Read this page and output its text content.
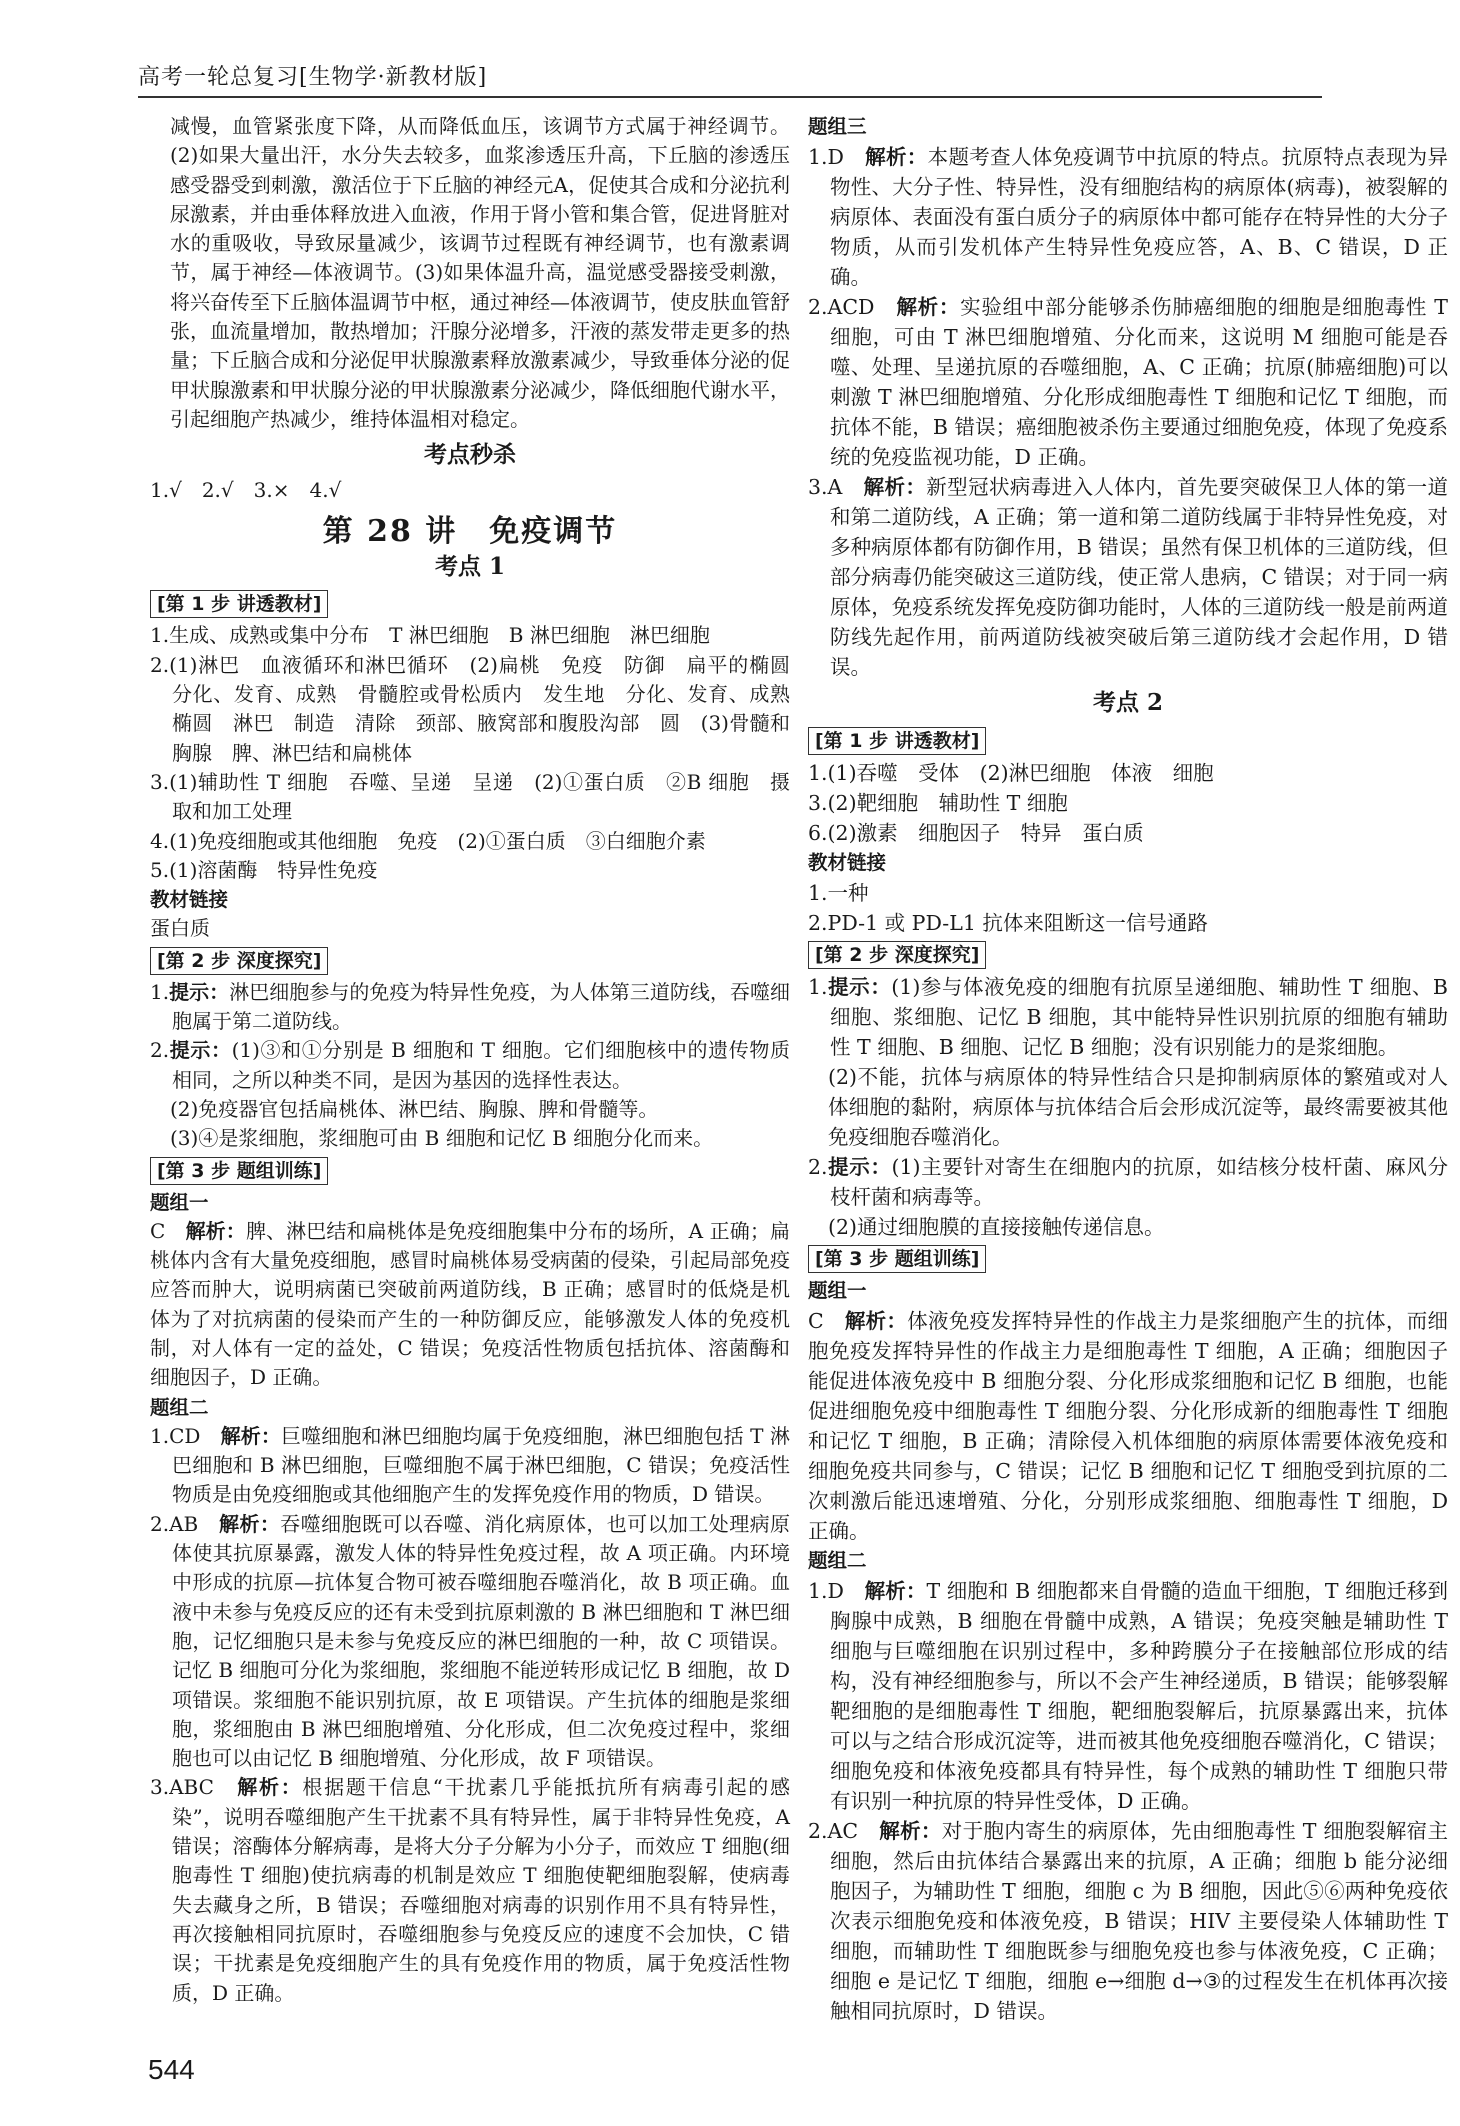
高考一轮总复习[生物学·新教材版]

减慢，血管紧张度下降，从而降低血压，该调节方式属于神经调节。(2)如果大量出汗，水分失去较多，血浆渗透压升高，下丘脑的渗透压感受器受到刺激，激活位于下丘脑的神经元A，促使其合成和分泌抗利尿激素，并由垂体释放进入血液，作用于肾小管和集合管，促进肾脏对水的重吸收，导致尿量减少，该调节过程既有神经调节，也有激素调节，属于神经—体液调节。(3)如果体温升高，温觉感受器接受刺激，将兴奋传至下丘脑体温调节中枢，通过神经—体液调节，使皮肤血管舒张，血流量增加，散热增加；汗腺分泌增多，汗液的蒸发带走更多的热量；下丘脑合成和分泌促甲状腺激素释放激素减少，导致垂体分泌的促甲状腺激素和甲状腺分泌的甲状腺激素分泌减少，降低细胞代谢水平，引起细胞产热减少，维持体温相对稳定。

考点秒杀

1.√　2.√　3.×　4.√

第 28 讲　免疫调节
考点 1
[第 1 步 讲透教材]

1.生成、成熟或集中分布　T 淋巴细胞　B 淋巴细胞　淋巴细胞

2.(1)淋巴　血液循环和淋巴循环　(2)扁桃　免疫　防御　扁平的椭圆　分化、发育、成熟　骨髓腔或骨松质内　发生地　分化、发育、成熟　椭圆　淋巴　制造　清除　颈部、腋窝部和腹股沟部　圆　(3)骨髓和胸腺　脾、淋巴结和扁桃体

3.(1)辅助性 T 细胞　吞噬、呈递　呈递　(2)①蛋白质　②B 细胞　摄取和加工处理

4.(1)免疫细胞或其他细胞　免疫　(2)①蛋白质　③白细胞介素

5.(1)溶菌酶　特异性免疫

教材链接

蛋白质

[第 2 步 深度探究]

1.提示：淋巴细胞参与的免疫为特异性免疫，为人体第三道防线，吞噬细胞属于第二道防线。

2.提示：(1)③和①分别是 B 细胞和 T 细胞。它们细胞核中的遗传物质相同，之所以种类不同，是因为基因的选择性表达。

(2)免疫器官包括扁桃体、淋巴结、胸腺、脾和骨髓等。

(3)④是浆细胞，浆细胞可由 B 细胞和记忆 B 细胞分化而来。

[第 3 步 题组训练]
题组一

C　解析：脾、淋巴结和扁桃体是免疫细胞集中分布的场所，A 正确；扁桃体内含有大量免疫细胞，感冒时扁桃体易受病菌的侵染，引起局部免疫应答而肿大，说明病菌已突破前两道防线，B 正确；感冒时的低烧是机体为了对抗病菌的侵染而产生的一种防御反应，能够激发人体的免疫机制，对人体有一定的益处，C 错误；免疫活性物质包括抗体、溶菌酶和细胞因子，D 正确。

题组二

1.CD　解析：巨噬细胞和淋巴细胞均属于免疫细胞，淋巴细胞包括 T 淋巴细胞和 B 淋巴细胞，巨噬细胞不属于淋巴细胞，C 错误；免疫活性物质是由免疫细胞或其他细胞产生的发挥免疫作用的物质，D 错误。

2.AB　解析：吞噬细胞既可以吞噬、消化病原体，也可以加工处理病原体使其抗原暴露，激发人体的特异性免疫过程，故 A 项正确。内环境中形成的抗原—抗体复合物可被吞噬细胞吞噬消化，故 B 项正确。血液中未参与免疫反应的还有未受到抗原刺激的 B 淋巴细胞和 T 淋巴细胞，记忆细胞只是未参与免疫反应的淋巴细胞的一种，故 C 项错误。记忆 B 细胞可分化为浆细胞，浆细胞不能逆转形成记忆 B 细胞，故 D 项错误。浆细胞不能识别抗原，故 E 项错误。产生抗体的细胞是浆细胞，浆细胞由 B 淋巴细胞增殖、分化形成，但二次免疫过程中，浆细胞也可以由记忆 B 细胞增殖、分化形成，故 F 项错误。

3.ABC　解析：根据题干信息“干扰素几乎能抵抗所有病毒引起的感染”，说明吞噬细胞产生干扰素不具有特异性，属于非特异性免疫，A 错误；溶酶体分解病毒，是将大分子分解为小分子，而效应 T 细胞(细胞毒性 T 细胞)使抗病毒的机制是效应 T 细胞使靶细胞裂解，使病毒失去藏身之所，B 错误；吞噬细胞对病毒的识别作用不具有特异性，再次接触相同抗原时，吞噬细胞参与免疫反应的速度不会加快，C 错误；干扰素是免疫细胞产生的具有免疫作用的物质，属于免疫活性物质，D 正确。

题组三

1.D　解析：本题考查人体免疫调节中抗原的特点。抗原特点表现为异物性、大分子性、特异性，没有细胞结构的病原体(病毒)，被裂解的病原体、表面没有蛋白质分子的病原体中都可能存在特异性的大分子物质，从而引发机体产生特异性免疫应答，A、B、C 错误，D 正确。

2.ACD　解析：实验组中部分能够杀伤肺癌细胞的细胞是细胞毒性 T 细胞，可由 T 淋巴细胞增殖、分化而来，这说明 M 细胞可能是吞噬、处理、呈递抗原的吞噬细胞，A、C 正确；抗原(肺癌细胞)可以刺激 T 淋巴细胞增殖、分化形成细胞毒性 T 细胞和记忆 T 细胞，而抗体不能，B 错误；癌细胞被杀伤主要通过细胞免疫，体现了免疫系统的免疫监视功能，D 正确。

3.A　解析：新型冠状病毒进入人体内，首先要突破保卫人体的第一道和第二道防线，A 正确；第一道和第二道防线属于非特异性免疫，对多种病原体都有防御作用，B 错误；虽然有保卫机体的三道防线，但部分病毒仍能突破这三道防线，使正常人患病，C 错误；对于同一病原体，免疫系统发挥免疫防御功能时，人体的三道防线一般是前两道防线先起作用，前两道防线被突破后第三道防线才会起作用，D 错误。

考点 2
[第 1 步 讲透教材]

1.(1)吞噬　受体　(2)淋巴细胞　体液　细胞

3.(2)靶细胞　辅助性 T 细胞

6.(2)激素　细胞因子　特异　蛋白质

教材链接

1.一种

2.PD-1 或 PD-L1 抗体来阻断这一信号通路

[第 2 步 深度探究]

1.提示：(1)参与体液免疫的细胞有抗原呈递细胞、辅助性 T 细胞、B 细胞、浆细胞、记忆 B 细胞，其中能特异性识别抗原的细胞有辅助性 T 细胞、B 细胞、记忆 B 细胞；没有识别能力的是浆细胞。

(2)不能，抗体与病原体的特异性结合只是抑制病原体的繁殖或对人体细胞的黏附，病原体与抗体结合后会形成沉淀等，最终需要被其他免疫细胞吞噬消化。

2.提示：(1)主要针对寄生在细胞内的抗原，如结核分枝杆菌、麻风分枝杆菌和病毒等。

(2)通过细胞膜的直接接触传递信息。

[第 3 步 题组训练]
题组一

C　解析：体液免疫发挥特异性的作战主力是浆细胞产生的抗体，而细胞免疫发挥特异性的作战主力是细胞毒性 T 细胞，A 正确；细胞因子能促进体液免疫中 B 细胞分裂、分化形成浆细胞和记忆 B 细胞，也能促进细胞免疫中细胞毒性 T 细胞分裂、分化形成新的细胞毒性 T 细胞和记忆 T 细胞，B 正确；清除侵入机体细胞的病原体需要体液免疫和细胞免疫共同参与，C 错误；记忆 B 细胞和记忆 T 细胞受到抗原的二次刺激后能迅速增殖、分化，分别形成浆细胞、细胞毒性 T 细胞，D 正确。

题组二

1.D　解析：T 细胞和 B 细胞都来自骨髓的造血干细胞，T 细胞迁移到胸腺中成熟，B 细胞在骨髓中成熟，A 错误；免疫突触是辅助性 T 细胞与巨噬细胞在识别过程中，多种跨膜分子在接触部位形成的结构，没有神经细胞参与，所以不会产生神经递质，B 错误；能够裂解靶细胞的是细胞毒性 T 细胞，靶细胞裂解后，抗原暴露出来，抗体可以与之结合形成沉淀等，进而被其他免疫细胞吞噬消化，C 错误；细胞免疫和体液免疫都具有特异性，每个成熟的辅助性 T 细胞只带有识别一种抗原的特异性受体，D 正确。

2.AC　解析：对于胞内寄生的病原体，先由细胞毒性 T 细胞裂解宿主细胞，然后由抗体结合暴露出来的抗原，A 正确；细胞 b 能分泌细胞因子，为辅助性 T 细胞，细胞 c 为 B 细胞，因此⑤⑥两种免疫依次表示细胞免疫和体液免疫，B 错误；HIV 主要侵染人体辅助性 T 细胞，而辅助性 T 细胞既参与细胞免疫也参与体液免疫，C 正确；细胞 e 是记忆 T 细胞，细胞 e→细胞 d→③的过程发生在机体再次接触相同抗原时，D 错误。

544
